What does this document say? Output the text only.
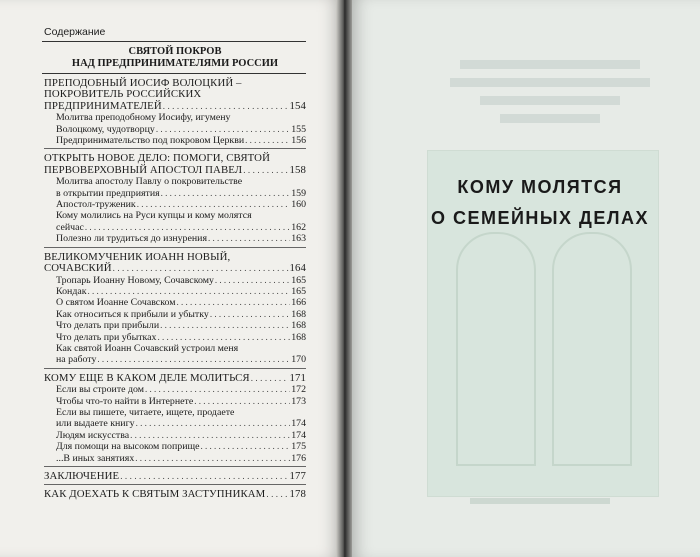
Содержание
СВЯТОЙ ПОКРОВ
НАД ПРЕДПРИНИМАТЕЛЯМИ РОССИИ
ПРЕПОДОБНЫЙ ИОСИФ ВОЛОЦКИЙ –
ПОКРОВИТЕЛЬ РОССИЙСКИХ
ПРЕДПРИНИМАТЕЛЕЙ . . .	154
Молитва преподобному Иосифу, игумену
Волоцкому, чудотворцу . . .	155
Предпринимательство под покровом Церкви . . .	156
ОТКРЫТЬ НОВОЕ ДЕЛО: ПОМОГИ, СВЯТОЙ
ПЕРВОВЕРХОВНЫЙ АПОСТОЛ ПАВЕЛ . . .	158
Молитва апостолу Павлу о покровительстве
в открытии предприятия . . .	159
Апостол-труженик . . .	160
Кому молились на Руси купцы и кому молятся
сейчас . . .	162
Полезно ли трудиться до изнурения . . .	163
ВЕЛИКОМУЧЕНИК ИОАНН НОВЫЙ,
СОЧАВСКИЙ . . .	164
Тропарь Иоанну Новому, Сочавскому . . .	165
Кондак . . .	165
О святом Иоанне Сочавском . . .	166
Как относиться к прибыли и убытку . . .	168
Что делать при прибыли . . .	168
Что делать при убытках . . .	168
Как святой Иоанн Сочавский устроил меня
на работу . . .	170
КОМУ ЕЩЕ В КАКОМ ДЕЛЕ МОЛИТЬСЯ . . .	171
Если вы строите дом . . .	172
Чтобы что-то найти в Интернете . . .	173
Если вы пишете, читаете, ищете, продаете
или выдаете книгу . . .	174
Людям искусства . . .	174
Для помощи на высоком поприще . . .	175
...В иных занятиях . . .	176
ЗАКЛЮЧЕНИЕ . . .	177
КАК ДОЕХАТЬ К СВЯТЫМ ЗАСТУПНИКАМ . . . 178
КОМУ МОЛЯТСЯ
О СЕМЕЙНЫХ ДЕЛАХ
